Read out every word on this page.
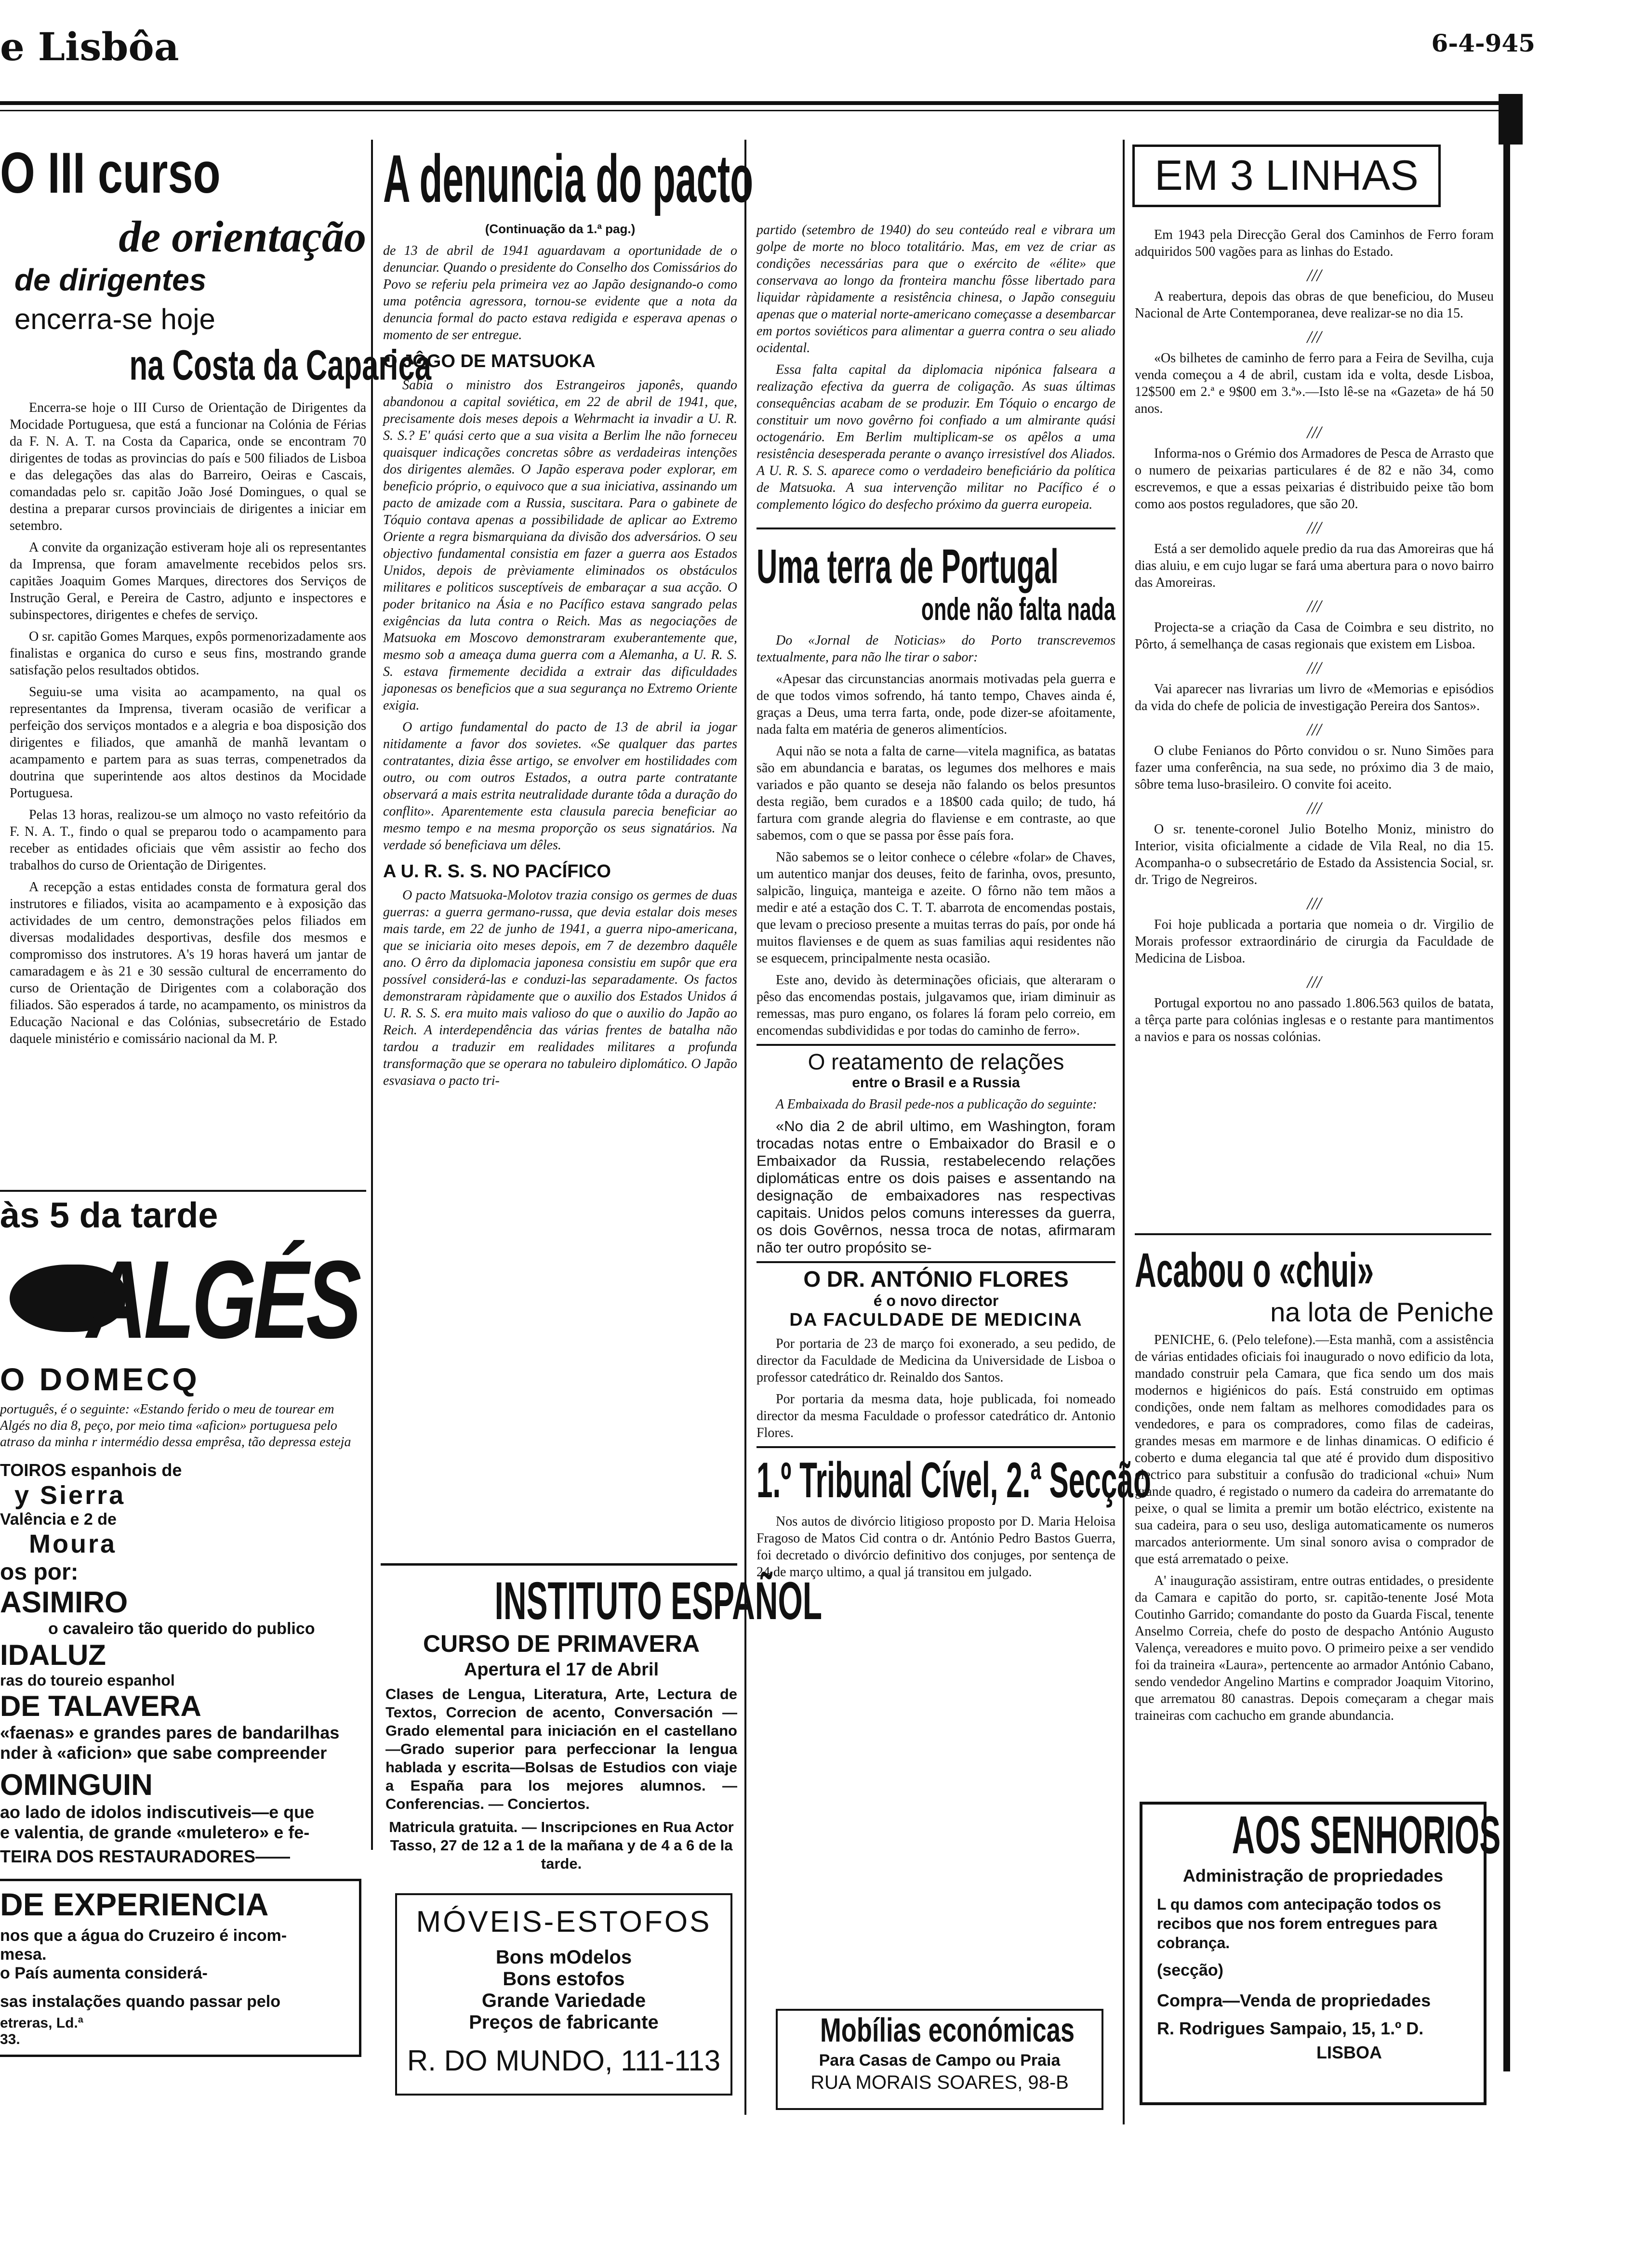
e Lisbôa	6-4-945
O III curso
de orientação
de dirigentes
encerra-se hoje
na Costa da Caparica

Encerra-se hoje o III Curso de Orientação de Dirigentes da Mocidade Portuguesa, que está a funcionar na Colónia de Férias da F. N. A. T. na Costa da Caparica, onde se encontram 70 dirigentes de todas as provincias do país e 500 filiados de Lisboa e das delegações das alas do Barreiro, Oeiras e Cascais, comandadas pelo sr. capitão João José Domingues, o qual se destina a preparar cursos provinciais de dirigentes a iniciar em setembro.

A convite da organização estiveram hoje ali os representantes da Imprensa, que foram amavelmente recebidos pelos srs. capitães Joaquim Gomes Marques, directores dos Serviços de Instrução Geral, e Pereira de Castro, adjunto e inspectores e subinspectores, dirigentes e chefes de serviço.

O sr. capitão Gomes Marques, expôs pormenorizadamente aos finalistas e organica do curso e seus fins, mostrando grande satisfação pelos resultados obtidos.

Seguiu-se uma visita ao acampamento, na qual os representantes da Imprensa, tiveram ocasião de verificar a perfeição dos serviços montados e a alegria e boa disposição dos dirigentes e filiados, que amanhã de manhã levantam o acampamento e partem para as suas terras, compenetrados da doutrina que superintende aos altos destinos da Mocidade Portuguesa.

Pelas 13 horas, realizou-se um almoço no vasto refeitório da F. N. A. T., findo o qual se preparou todo o acampamento para receber as entidades oficiais que vêm assistir ao fecho dos trabalhos do curso de Orientação de Dirigentes.

A recepção a estas entidades consta de formatura geral dos instrutores e filiados, visita ao acampamento e à exposição das actividades de um centro, demonstrações pelos filiados em diversas modalidades desportivas, desfile dos mesmos e compromisso dos instrutores. A's 19 horas haverá um jantar de camaradagem e às 21 e 30 sessão cultural de encerramento do curso de Orientação de Dirigentes com a colaboração dos filiados. São esperados á tarde, no acampamento, os ministros da Educação Nacional e das Colónias, subsecretário de Estado daquele ministério e comissário nacional da M. P.

às 5 da tarde
ALGÉS
O DOMECQ
português, é o seguinte: «Estando ferido o meu de tourear em Algés no dia 8, peço, por meio tima «aficion» portuguesa pelo atraso da minha r intermédio dessa emprêsa, tão depressa esteja
TOIROS espanhois de
y Sierra
Valência e 2 de
Moura
os por:
ASIMIRO
o cavaleiro tão querido do publico
IDALUZ
ras do toureio espanhol
DE TALAVERA
«faenas» e grandes pares de bandarilhas
nder à «aficion» que sabe compreender
OMINGUIN
ao lado de idolos indiscutiveis—e que
e valentia, de grande «muletero» e fe-
TEIRA DOS RESTAURADORES——
DE EXPERIENCIA
nos que a água do Cruzeiro é incom-
mesa.
o País aumenta considerá-
sas instalações quando passar pelo
etreras, Ld.ª
33.
A denuncia do pacto
(Continuação da 1.ª pag.)

de 13 de abril de 1941 aguardavam a oportunidade de o denunciar. Quando o presidente do Conselho dos Comissários do Povo se referiu pela primeira vez ao Japão designando-o como uma potência agressora, tornou-se evidente que a nota da denuncia formal do pacto estava redigida e esperava apenas o momento de ser entregue.

O JÔGO DE MATSUOKA

Sabia o ministro dos Estrangeiros japonês, quando abandonou a capital soviética, em 22 de abril de 1941, que, precisamente dois meses depois a Wehrmacht ia invadir a U. R. S. S.? E' quási certo que a sua visita a Berlim lhe não forneceu quaisquer indicações concretas sôbre as verdadeiras intenções dos dirigentes alemães. O Japão esperava poder explorar, em beneficio próprio, o equivoco que a sua iniciativa, assinando um pacto de amizade com a Russia, suscitara. Para o gabinete de Tóquio contava apenas a possibilidade de aplicar ao Extremo Oriente a regra bismarquiana da divisão dos adversários. O seu objectivo fundamental consistia em fazer a guerra aos Estados Unidos, depois de prèviamente eliminados os obstáculos militares e politicos susceptíveis de embaraçar a sua acção. O poder britanico na Ásia e no Pacífico estava sangrado pelas exigências da luta contra o Reich. Mas as negociações de Matsuoka em Moscovo demonstraram exuberantemente que, mesmo sob a ameaça duma guerra com a Alemanha, a U. R. S. S. estava firmemente decidida a extrair das dificuldades japonesas os beneficios que a sua segurança no Extremo Oriente exigia.

O artigo fundamental do pacto de 13 de abril ia jogar nitidamente a favor dos sovietes. «Se qualquer das partes contratantes, dizia êsse artigo, se envolver em hostilidades com outro, ou com outros Estados, a outra parte contratante observará a mais estrita neutralidade durante tôda a duração do conflito». Aparentemente esta clausula parecia beneficiar ao mesmo tempo e na mesma proporção os seus signatários. Na verdade só beneficiava um dêles.

A U. R. S. S. NO PACÍFICO

O pacto Matsuoka-Molotov trazia consigo os germes de duas guerras: a guerra germano-russa, que devia estalar dois meses mais tarde, em 22 de junho de 1941, a guerra nipo-americana, que se iniciaria oito meses depois, em 7 de dezembro daquêle ano. O êrro da diplomacia japonesa consistiu em supôr que era possível considerá-las e conduzi-las separadamente. Os factos demonstraram ràpidamente que o auxilio dos Estados Unidos á U. R. S. S. era muito mais valioso do que o auxilio do Japão ao Reich. A interdependência das várias frentes de batalha não tardou a traduzir em realidades militares a profunda transformação que se operara no tabuleiro diplomático. O Japão esvasiava o pacto tri-

INSTITUTO ESPAÑOL
CURSO DE PRIMAVERA
Apertura el 17 de Abril
Clases de Lengua, Literatura, Arte, Lectura de Textos, Correcion de acento, Conversación — Grado elemental para iniciación en el castellano—Grado superior para perfeccionar la lengua hablada y escrita—Bolsas de Estudios con viaje a España para los mejores alumnos. — Conferencias. — Conciertos.
Matricula gratuita. — Inscripciones en Rua Actor Tasso, 27 de 12 a 1 de la mañana y de 4 a 6 de la tarde.
MÓVEIS-ESTOFOS
Bons mOdelos
Bons estofos
Grande Variedade
Preços de fabricante
R. DO MUNDO, 111-113

partido (setembro de 1940) do seu conteúdo real e vibrara um golpe de morte no bloco totalitário. Mas, em vez de criar as condições necessárias para que o exército de «élite» que conservava ao longo da fronteira manchu fôsse libertado para liquidar ràpidamente a resistência chinesa, o Japão conseguiu apenas que o material norte-americano começasse a desembarcar em portos soviéticos para alimentar a guerra contra o seu aliado ocidental.

Essa falta capital da diplomacia nipónica falseara a realização efectiva da guerra de coligação. As suas últimas consequências acabam de se produzir. Em Tóquio o encargo de constituir um novo govêrno foi confiado a um almirante quási octogenário. Em Berlim multiplicam-se os apêlos a uma resistência desesperada perante o avanço irresistível dos Aliados. A U. R. S. S. aparece como o verdadeiro beneficiário da política de Matsuoka. A sua intervenção militar no Pacífico é o complemento lógico do desfecho próximo da guerra europeia.

Uma terra de Portugal
onde não falta nada

Do «Jornal de Noticias» do Porto transcrevemos textualmente, para não lhe tirar o sabor:

«Apesar das circunstancias anormais motivadas pela guerra e de que todos vimos sofrendo, há tanto tempo, Chaves ainda é, graças a Deus, uma terra farta, onde, pode dizer-se afoitamente, nada falta em matéria de generos alimentícios.

Aqui não se nota a falta de carne—vitela magnifica, as batatas são em abundancia e baratas, os legumes dos melhores e mais variados e pão quanto se deseja não falando os belos presuntos desta região, bem curados e a 18$00 cada quilo; de tudo, há fartura com grande alegria do flaviense e em contraste, ao que sabemos, com o que se passa por êsse país fora.

Não sabemos se o leitor conhece o célebre «folar» de Chaves, um autentico manjar dos deuses, feito de farinha, ovos, presunto, salpicão, linguiça, manteiga e azeite. O fôrno não tem mãos a medir e até a estação dos C. T. T. abarrota de encomendas postais, que levam o precioso presente a muitas terras do país, por onde há muitos flavienses e de quem as suas familias aqui residentes não se esquecem, principalmente nesta ocasião.

Este ano, devido às determinações oficiais, que alteraram o pêso das encomendas postais, julgavamos que, iriam diminuir as remessas, mas puro engano, os folares lá foram pelo correio, em encomendas subdivididas e por todas do caminho de ferro».

O reatamento de relações
entre o Brasil e a Russia

A Embaixada do Brasil pede-nos a publicação do seguinte:

«No dia 2 de abril ultimo, em Washington, foram trocadas notas entre o Embaixador do Brasil e o Embaixador da Russia, restabelecendo relações diplomáticas entre os dois paises e assentando na designação de embaixadores nas respectivas capitais. Unidos pelos comuns interesses da guerra, os dois Govêrnos, nessa troca de notas, afirmaram não ter outro propósito se-

O DR. ANTÓNIO FLORES
é o novo director
DA FACULDADE DE MEDICINA

Por portaria de 23 de março foi exonerado, a seu pedido, de director da Faculdade de Medicina da Universidade de Lisboa o professor catedrático dr. Reinaldo dos Santos.

Por portaria da mesma data, hoje publicada, foi nomeado director da mesma Faculdade o professor catedrático dr. Antonio Flores.

1.º Tribunal Cível, 2.ª Secção

Nos autos de divórcio litigioso proposto por D. Maria Heloisa Fragoso de Matos Cid contra o dr. António Pedro Bastos Guerra, foi decretado o divórcio definitivo dos conjuges, por sentença de 24 de março ultimo, a qual já transitou em julgado.

Mobílias económicas
Para Casas de Campo ou Praia
RUA MORAIS SOARES, 98-B
EM 3 LINHAS

Em 1943 pela Direcção Geral dos Caminhos de Ferro foram adquiridos 500 vagões para as linhas do Estado.

///

A reabertura, depois das obras de que beneficiou, do Museu Nacional de Arte Contemporanea, deve realizar-se no dia 15.

///

«Os bilhetes de caminho de ferro para a Feira de Sevilha, cuja venda começou a 4 de abril, custam ida e volta, desde Lisboa, 12$500 em 2.ª e 9$00 em 3.ª».—Isto lê-se na «Gazeta» de há 50 anos.

///

Informa-nos o Grémio dos Armadores de Pesca de Arrasto que o numero de peixarias particulares é de 82 e não 34, como escrevemos, e que a essas peixarias é distribuido peixe tão bom como aos postos reguladores, que são 20.

///

Está a ser demolido aquele predio da rua das Amoreiras que há dias aluiu, e em cujo lugar se fará uma abertura para o novo bairro das Amoreiras.

///

Projecta-se a criação da Casa de Coimbra e seu distrito, no Pôrto, á semelhança de casas regionais que existem em Lisboa.

///

Vai aparecer nas livrarias um livro de «Memorias e episódios da vida do chefe de policia de investigação Pereira dos Santos».

///

O clube Fenianos do Pôrto convidou o sr. Nuno Simões para fazer uma conferência, na sua sede, no próximo dia 3 de maio, sôbre tema luso-brasileiro. O convite foi aceito.

///

O sr. tenente-coronel Julio Botelho Moniz, ministro do Interior, visita oficialmente a cidade de Vila Real, no dia 15. Acompanha-o o subsecretário de Estado da Assistencia Social, sr. dr. Trigo de Negreiros.

///

Foi hoje publicada a portaria que nomeia o dr. Virgilio de Morais professor extraordinário de cirurgia da Faculdade de Medicina de Lisboa.

///

Portugal exportou no ano passado 1.806.563 quilos de batata, a têrça parte para colónias inglesas e o restante para mantimentos a navios e para os nossas colónias.

Acabou o «chui»
na lota de Peniche

PENICHE, 6. (Pelo telefone).—Esta manhã, com a assistência de várias entidades oficiais foi inaugurado o novo edificio da lota, mandado construir pela Camara, que fica sendo um dos mais modernos e higiénicos do país. Está construido em optimas condições, onde nem faltam as melhores comodidades para os vendedores, e para os compradores, como filas de cadeiras, grandes mesas em marmore e de linhas dinamicas. O edificio é coberto e duma elegancia tal que até é provido dum dispositivo electrico para substituir a confusão do tradicional «chui» Num grande quadro, é registado o numero da cadeira do arrematante do peixe, o qual se limita a premir um botão eléctrico, existente na sua cadeira, para o seu uso, desliga automaticamente os numeros marcados anteriormente. Um sinal sonoro avisa o comprador de que está arrematado o peixe.

A' inauguração assistiram, entre outras entidades, o presidente da Camara e capitão do porto, sr. capitão-tenente José Mota Coutinho Garrido; comandante do posto da Guarda Fiscal, tenente Anselmo Correia, chefe do posto de despacho António Augusto Valença, vereadores e muito povo. O primeiro peixe a ser vendido foi da traineira «Laura», pertencente ao armador António Cabano, sendo vendedor Angelino Martins e comprador Joaquim Vitorino, que arrematou 80 canastras. Depois começaram a chegar mais traineiras com cachucho em grande abundancia.

AOS SENHORIOS
Administração de propriedades
L qu damos com antecipação todos os recibos que nos forem entregues para cobrança.
(secção)
Compra—Venda de propriedades
R. Rodrigues Sampaio, 15, 1.º D.
LISBOA
